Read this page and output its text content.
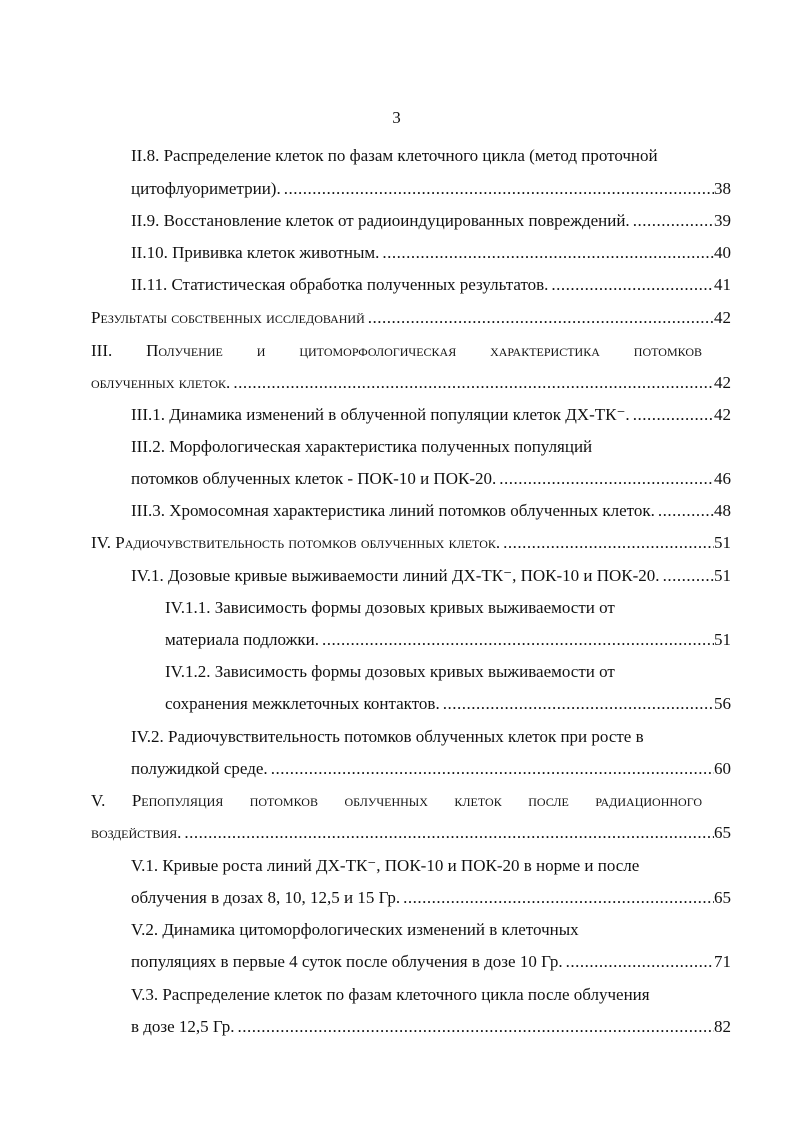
3
II.8. Распределение клеток по фазам клеточного цикла (метод проточной
цитофлуориметрии). .....	38
II.9. Восстановление клеток от радиоиндуцированных повреждений. .....	39
II.10. Прививка клеток животным. .....	40
II.11. Статистическая обработка полученных результатов. .....	41
Результаты собственных исследований .....	42
III. Получение и цитоморфологическая характеристика потомков
облученных клеток. .....	42
III.1. Динамика изменений в облученной популяции клеток ДХ-ТК⁻. .....	42
III.2. Морфологическая характеристика полученных популяций
потомков облученных клеток - ПОК-10 и ПОК-20. .....	46
III.3. Хромосомная характеристика линий потомков облученных клеток. .....	48
IV. Радиочувствительность потомков облученных клеток. .....	51
IV.1. Дозовые кривые выживаемости линий ДХ-ТК⁻, ПОК-10 и ПОК-20. .....	51
IV.1.1. Зависимость формы дозовых кривых выживаемости от
материала подложки. .....	51
IV.1.2. Зависимость формы дозовых кривых выживаемости от
сохранения межклеточных контактов. .....	56
IV.2. Радиочувствительность потомков облученных клеток при росте в
полужидкой среде. .....	60
V. Репопуляция потомков облученных клеток после радиационного
воздействия. .....	65
V.1. Кривые роста линий ДХ-ТК⁻, ПОК-10 и ПОК-20 в норме и после
облучения в дозах 8, 10, 12,5 и 15 Гр. .....	65
V.2. Динамика цитоморфологических изменений в клеточных
популяциях в первые 4 суток после облучения в дозе 10 Гр. .....	71
V.3. Распределение клеток по фазам клеточного цикла после облучения
в дозе 12,5 Гр. .....	82
